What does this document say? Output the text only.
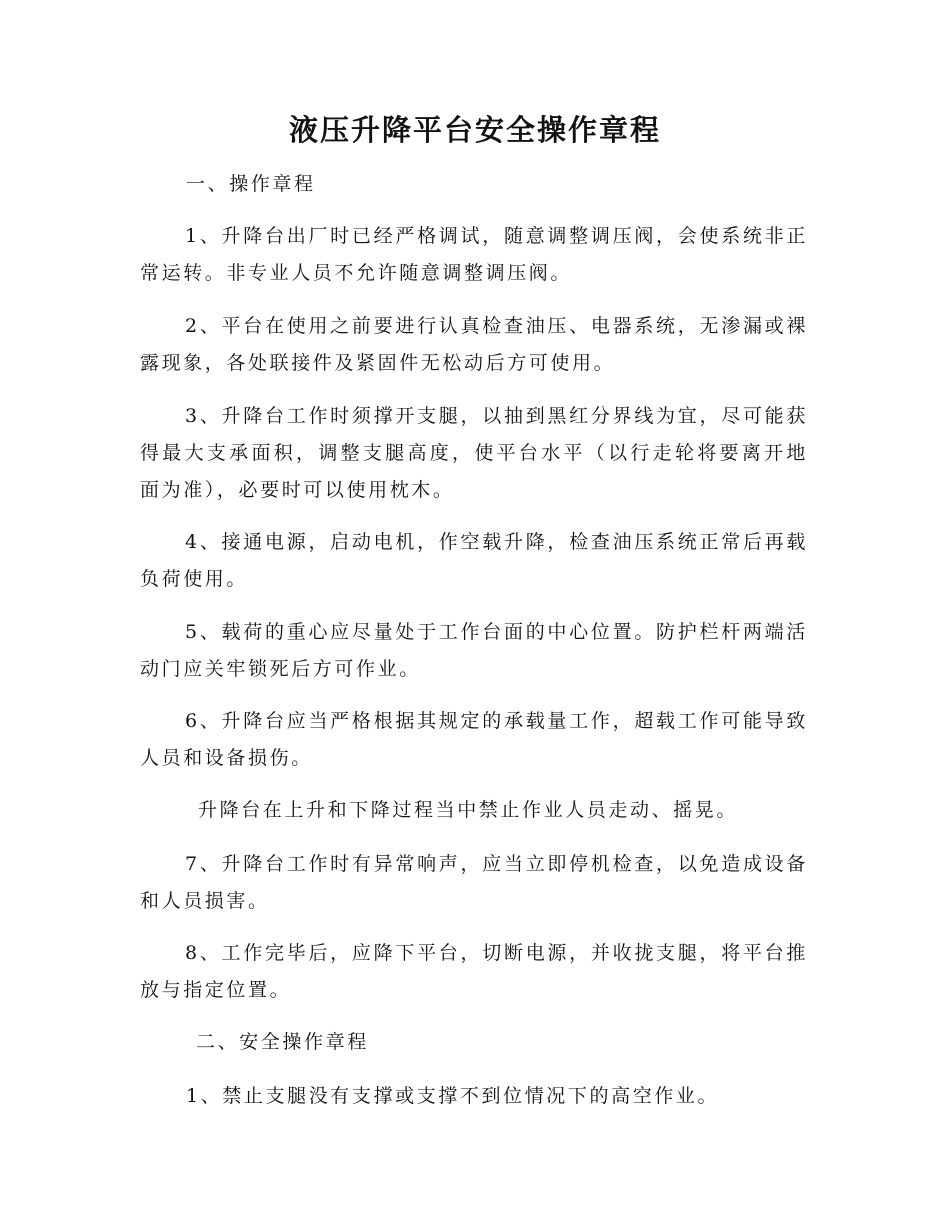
液压升降平台安全操作章程

一、操作章程

1、升降台出厂时已经严格调试，随意调整调压阀，会使系统非正常运转。非专业人员不允许随意调整调压阀。

2、平台在使用之前要进行认真检查油压、电器系统，无渗漏或裸露现象，各处联接件及紧固件无松动后方可使用。

3、升降台工作时须撑开支腿，以抽到黑红分界线为宜，尽可能获得最大支承面积，调整支腿高度，使平台水平（以行走轮将要离开地面为准），必要时可以使用枕木。

4、接通电源，启动电机，作空载升降，检查油压系统正常后再载负荷使用。

5、载荷的重心应尽量处于工作台面的中心位置。防护栏杆两端活动门应关牢锁死后方可作业。

6、升降台应当严格根据其规定的承载量工作，超载工作可能导致人员和设备损伤。

升降台在上升和下降过程当中禁止作业人员走动、摇晃。

7、升降台工作时有异常响声，应当立即停机检查，以免造成设备和人员损害。

8、工作完毕后，应降下平台，切断电源，并收拢支腿，将平台推放与指定位置。

二、安全操作章程

1、禁止支腿没有支撑或支撑不到位情况下的高空作业。
